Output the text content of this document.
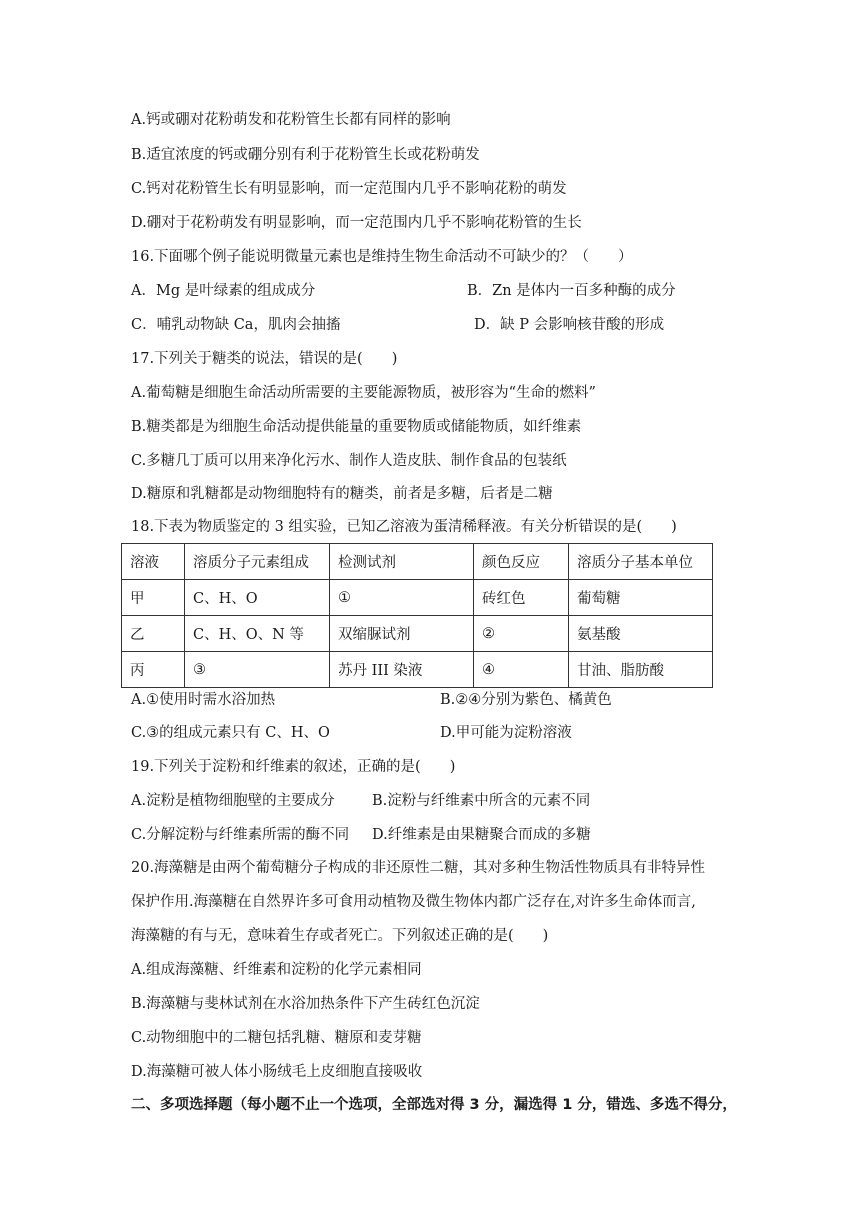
A.钙或硼对花粉萌发和花粉管生长都有同样的影响
B.适宜浓度的钙或硼分别有利于花粉管生长或花粉萌发
C.钙对花粉管生长有明显影响，而一定范围内几乎不影响花粉的萌发
D.硼对于花粉萌发有明显影响，而一定范围内几乎不影响花粉管的生长
16.下面哪个例子能说明微量元素也是维持生物生命活动不可缺少的？（　　）
A．Mg 是叶绿素的组成成分	B．Zn 是体内一百多种酶的成分
C．哺乳动物缺 Ca，肌肉会抽搐	D．缺 P 会影响核苷酸的形成
17.下列关于糖类的说法，错误的是(　　)
A.葡萄糖是细胞生命活动所需要的主要能源物质，被形容为“生命的燃料”
B.糖类都是为细胞生命活动提供能量的重要物质或储能物质，如纤维素
C.多糖几丁质可以用来净化污水、制作人造皮肤、制作食品的包装纸
D.糖原和乳糖都是动物细胞特有的糖类，前者是多糖，后者是二糖
18.下表为物质鉴定的 3 组实验，已知乙溶液为蛋清稀释液。有关分析错误的是(　　)
溶液	溶质分子元素组成	检测试剂	颜色反应	溶质分子基本单位
甲	C、H、O	①	砖红色	葡萄糖
乙	C、H、O、N 等	双缩脲试剂	②	氨基酸
丙	③	苏丹 III 染液	④	甘油、脂肪酸
A.①使用时需水浴加热	B.②④分别为紫色、橘黄色
C.③的组成元素只有 C、H、O	D.甲可能为淀粉溶液
19.下列关于淀粉和纤维素的叙述，正确的是(　　)
A.淀粉是植物细胞壁的主要成分	B.淀粉与纤维素中所含的元素不同
C.分解淀粉与纤维素所需的酶不同 D.纤维素是由果糖聚合而成的多糖
20.海藻糖是由两个葡萄糖分子构成的非还原性二糖，其对多种生物活性物质具有非特异性
保护作用.海藻糖在自然界许多可食用动植物及微生物体内都广泛存在,对许多生命体而言,
海藻糖的有与无，意味着生存或者死亡。下列叙述正确的是(　　)
A.组成海藻糖、纤维素和淀粉的化学元素相同
B.海藻糖与斐林试剂在水浴加热条件下产生砖红色沉淀
C.动物细胞中的二糖包括乳糖、糖原和麦芽糖
D.海藻糖可被人体小肠绒毛上皮细胞直接吸收
二、多项选择题（每小题不止一个选项，全部选对得 3 分，漏选得 1 分，错选、多选不得分，
